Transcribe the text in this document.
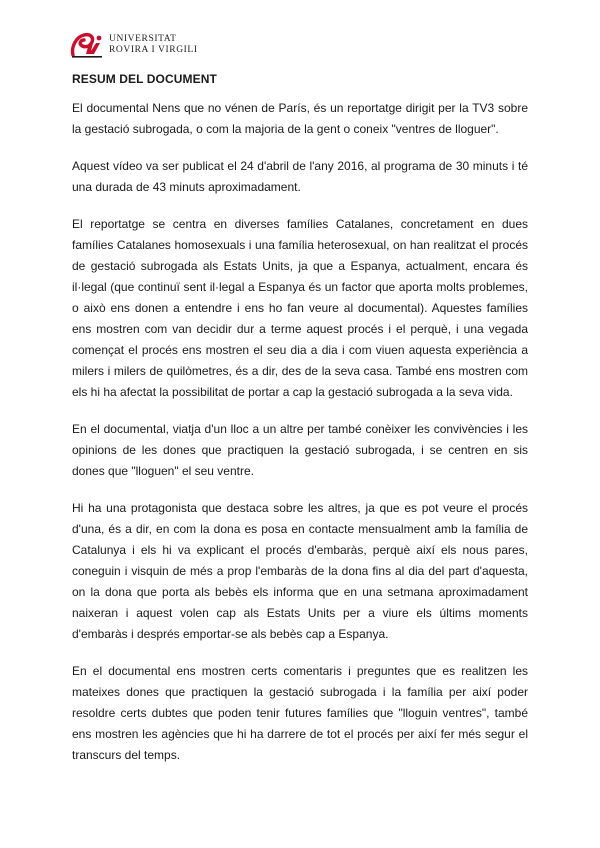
UNIVERSITAT
ROVIRA I VIRGILI
RESUM DEL DOCUMENT

El documental Nens que no vénen de París, és un reportatge dirigit per la TV3 sobre la gestació subrogada, o com la majoria de la gent o coneix "ventres de lloguer".

Aquest vídeo va ser publicat el 24 d'abril de l'any 2016, al programa de 30 minuts i té una durada de 43 minuts aproximadament.

El reportatge se centra en diverses famílies Catalanes, concretament en dues famílies Catalanes homosexuals i una família heterosexual, on han realitzat el procés de gestació subrogada als Estats Units, ja que a Espanya, actualment, encara és il·legal (que continuï sent il·legal a Espanya és un factor que aporta molts problemes, o això ens donen a entendre i ens ho fan veure al documental). Aquestes famílies ens mostren com van decidir dur a terme aquest procés i el perquè, i una vegada començat el procés ens mostren el seu dia a dia i com viuen aquesta experiència a milers i milers de quilòmetres, és a dir, des de la seva casa. També ens mostren com els hi ha afectat la possibilitat de portar a cap la gestació subrogada a la seva vida.

En el documental, viatja d'un lloc a un altre per també conèixer les convivències i les opinions de les dones que practiquen la gestació subrogada, i se centren en sis dones que "lloguen" el seu ventre.

Hi ha una protagonista que destaca sobre les altres, ja que es pot veure el procés d'una, és a dir, en com la dona es posa en contacte mensualment amb la família de Catalunya i els hi va explicant el procés d'embaràs, perquè així els nous pares, coneguin i visquin de més a prop l'embaràs de la dona fins al dia del part d'aquesta, on la dona que porta als bebès els informa que en una setmana aproximadament naixeran i aquest volen cap als Estats Units per a viure els últims moments d'embaràs i després emportar-se als bebès cap a Espanya.

En el documental ens mostren certs comentaris i preguntes que es realitzen les mateixes dones que practiquen la gestació subrogada i la família per així poder resoldre certs dubtes que poden tenir futures famílies que "lloguin ventres", també ens mostren les agències que hi ha darrere de tot el procés per així fer més segur el transcurs del temps.
